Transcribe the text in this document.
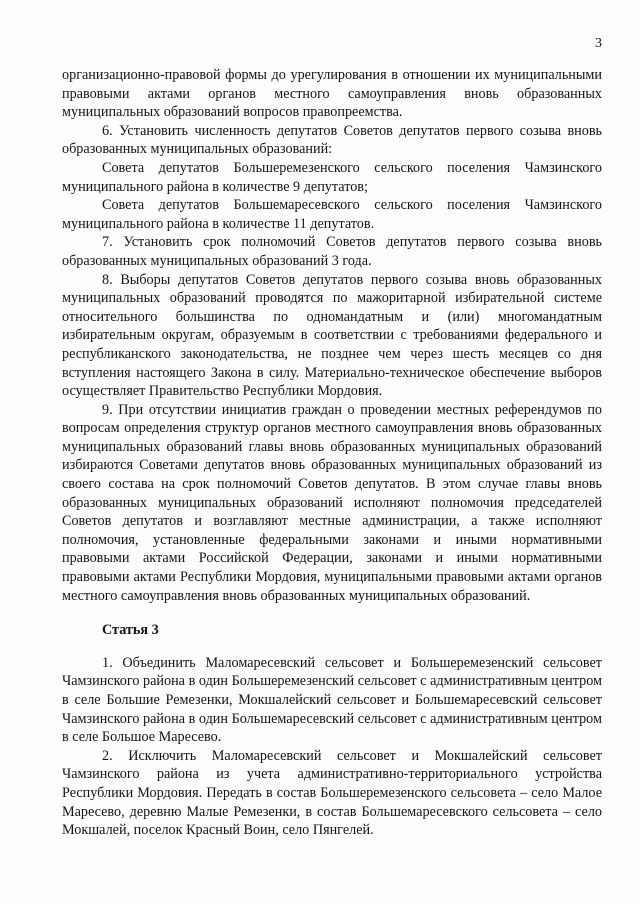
3

организационно-правовой формы до урегулирования в отношении их муниципальными правовыми актами органов местного самоуправления вновь образованных муниципальных образований вопросов правопреемства.

6. Установить численность депутатов Советов депутатов первого созыва вновь образованных муниципальных образований:

Совета депутатов Большеремезенского сельского поселения Чамзинского муниципального района в количестве 9 депутатов;

Совета депутатов Большемаресевского сельского поселения Чамзинского муниципального района в количестве 11 депутатов.

7. Установить срок полномочий Советов депутатов первого созыва вновь образованных муниципальных образований 3 года.

8. Выборы депутатов Советов депутатов первого созыва вновь образованных муниципальных образований проводятся по мажоритарной избирательной системе относительного большинства по одномандатным и (или) многомандатным избирательным округам, образуемым в соответствии с требованиями федерального и республиканского законодательства, не позднее чем через шесть месяцев со дня вступления настоящего Закона в силу. Материально-техническое обеспечение выборов осуществляет Правительство Республики Мордовия.

9. При отсутствии инициатив граждан о проведении местных референдумов по вопросам определения структур органов местного самоуправления вновь образованных муниципальных образований главы вновь образованных муниципальных образований избираются Советами депутатов вновь образованных муниципальных образований из своего состава на срок полномочий Советов депутатов. В этом случае главы вновь образованных муниципальных образований исполняют полномочия председателей Советов депутатов и возглавляют местные администрации, а также исполняют полномочия, установленные федеральными законами и иными нормативными правовыми актами Российской Федерации, законами и иными нормативными правовыми актами Республики Мордовия, муниципальными правовыми актами органов местного самоуправления вновь образованных муниципальных образований.

Статья 3

1. Объединить Маломаресевский сельсовет и Большеремезенский сельсовет Чамзинского района в один Большеремезенский сельсовет с административным центром в селе Большие Ремезенки, Мокшалейский сельсовет и Большемаресевский сельсовет Чамзинского района в один Большемаресевский сельсовет с административным центром в селе Большое Маресево.

2. Исключить Маломаресевский сельсовет и Мокшалейский сельсовет Чамзинского района из учета административно-территориального устройства Республики Мордовия. Передать в состав Большеремезенского сельсовета – село Малое Маресево, деревню Малые Ремезенки, в состав Большемаресевского сельсовета – село Мокшалей, поселок Красный Воин, село Пянгелей.
